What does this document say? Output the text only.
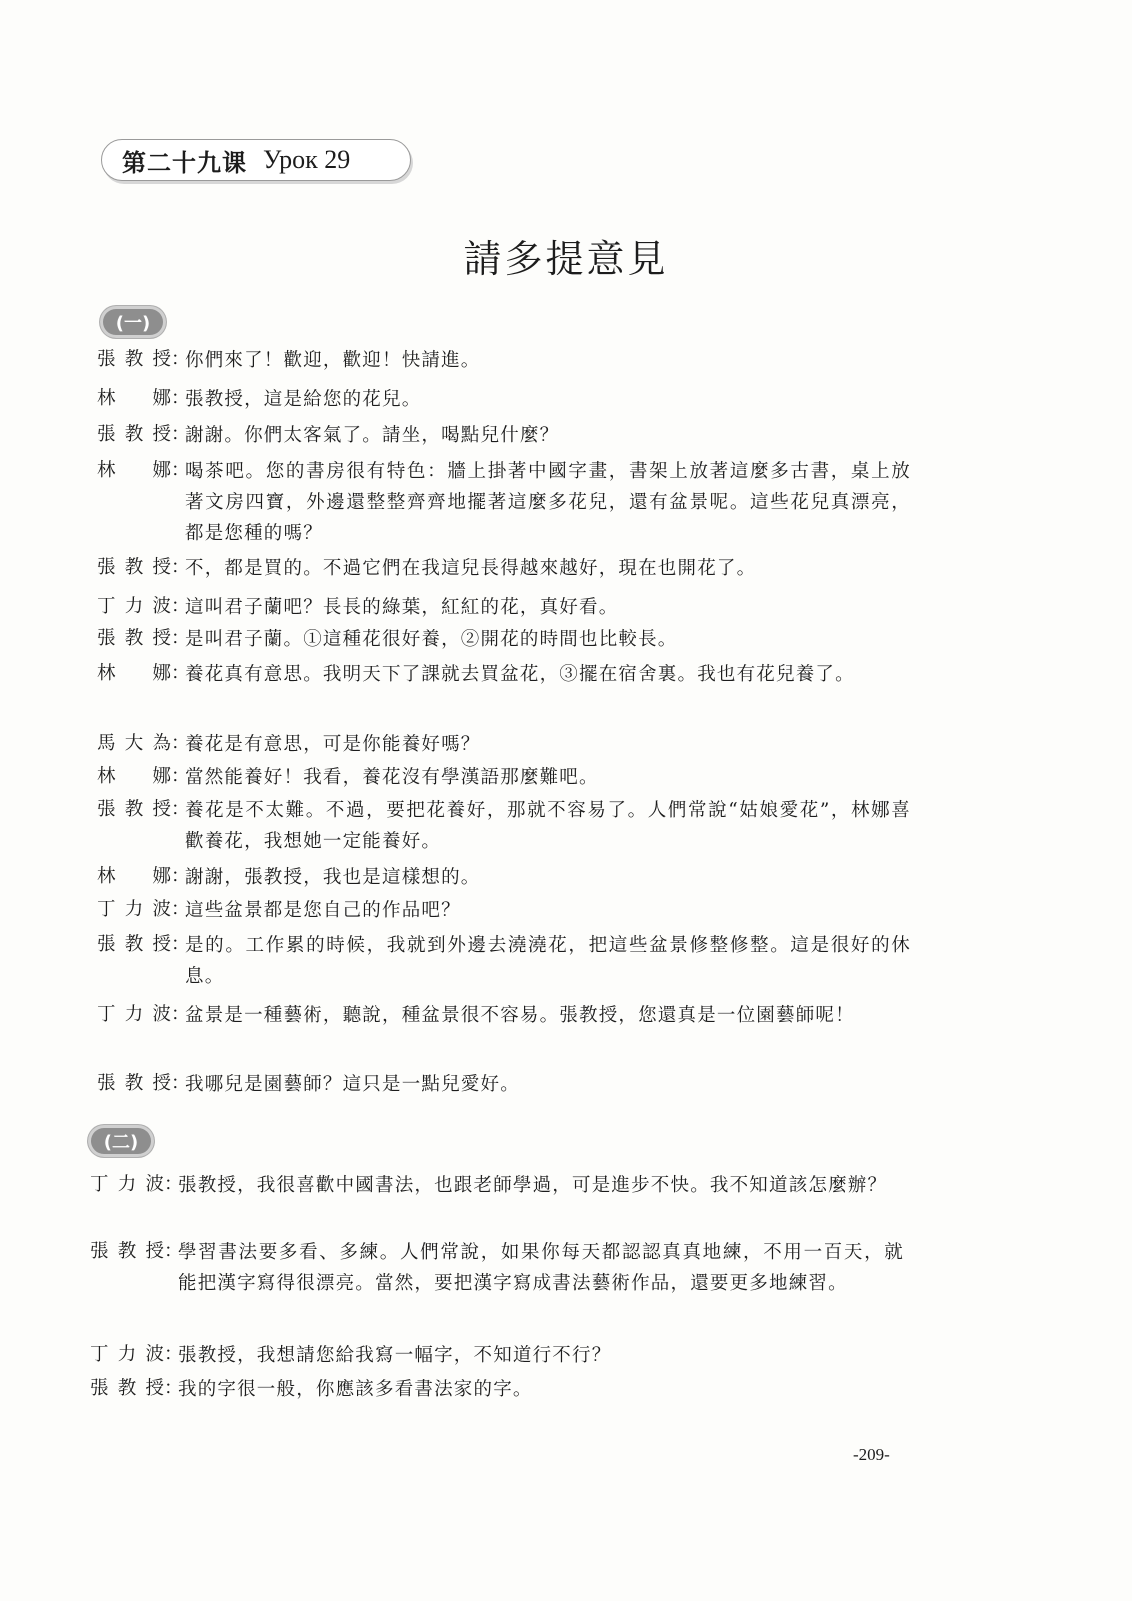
第二十九课 Урок 29
請多提意見
(一)
(二)
張教授 ：
你們來了！歡迎，歡迎！快請進。
林　娜 ：
張教授，這是給您的花兒。
張教授 ：
謝謝。你們太客氣了。請坐，喝點兒什麼？
林　娜 ：
喝茶吧。您的書房很有特色：牆上掛著中國字畫，書架上放著這麼多古書，桌上放著文房四寶，外邊還整整齊齊地擺著這麼多花兒，還有盆景呢。這些花兒真漂亮，都是您種的嗎？
張教授 ：
不，都是買的。不過它們在我這兒長得越來越好，現在也開花了。
丁力波 ：
這叫君子蘭吧？長長的綠葉，紅紅的花，真好看。
張教授 ：
是叫君子蘭。①這種花很好養，②開花的時間也比較長。
林　娜 ：
養花真有意思。我明天下了課就去買盆花，③擺在宿舍裏。我也有花兒養了。
馬大為 ：
養花是有意思，可是你能養好嗎？
林　娜 ：
當然能養好！我看，養花沒有學漢語那麼難吧。
張教授 ：
養花是不太難。不過，要把花養好，那就不容易了。人們常說“姑娘愛花”，林娜喜歡養花，我想她一定能養好。
林　娜 ：
謝謝，張教授，我也是這樣想的。
丁力波 ：
這些盆景都是您自己的作品吧？
張教授 ：
是的。工作累的時候，我就到外邊去澆澆花，把這些盆景修整修整。這是很好的休息。
丁力波 ：
盆景是一種藝術，聽說，種盆景很不容易。張教授，您還真是一位園藝師呢！
張教授 ：
我哪兒是園藝師？這只是一點兒愛好。
丁力波 ：
張教授，我很喜歡中國書法，也跟老師學過，可是進步不快。我不知道該怎麼辦？
張教授 ：
學習書法要多看、多練。人們常說，如果你每天都認認真真地練，不用一百天，就能把漢字寫得很漂亮。當然，要把漢字寫成書法藝術作品，還要更多地練習。
丁力波 ：
張教授，我想請您給我寫一幅字，不知道行不行？
張教授 ：
我的字很一般，你應該多看書法家的字。
-209-
